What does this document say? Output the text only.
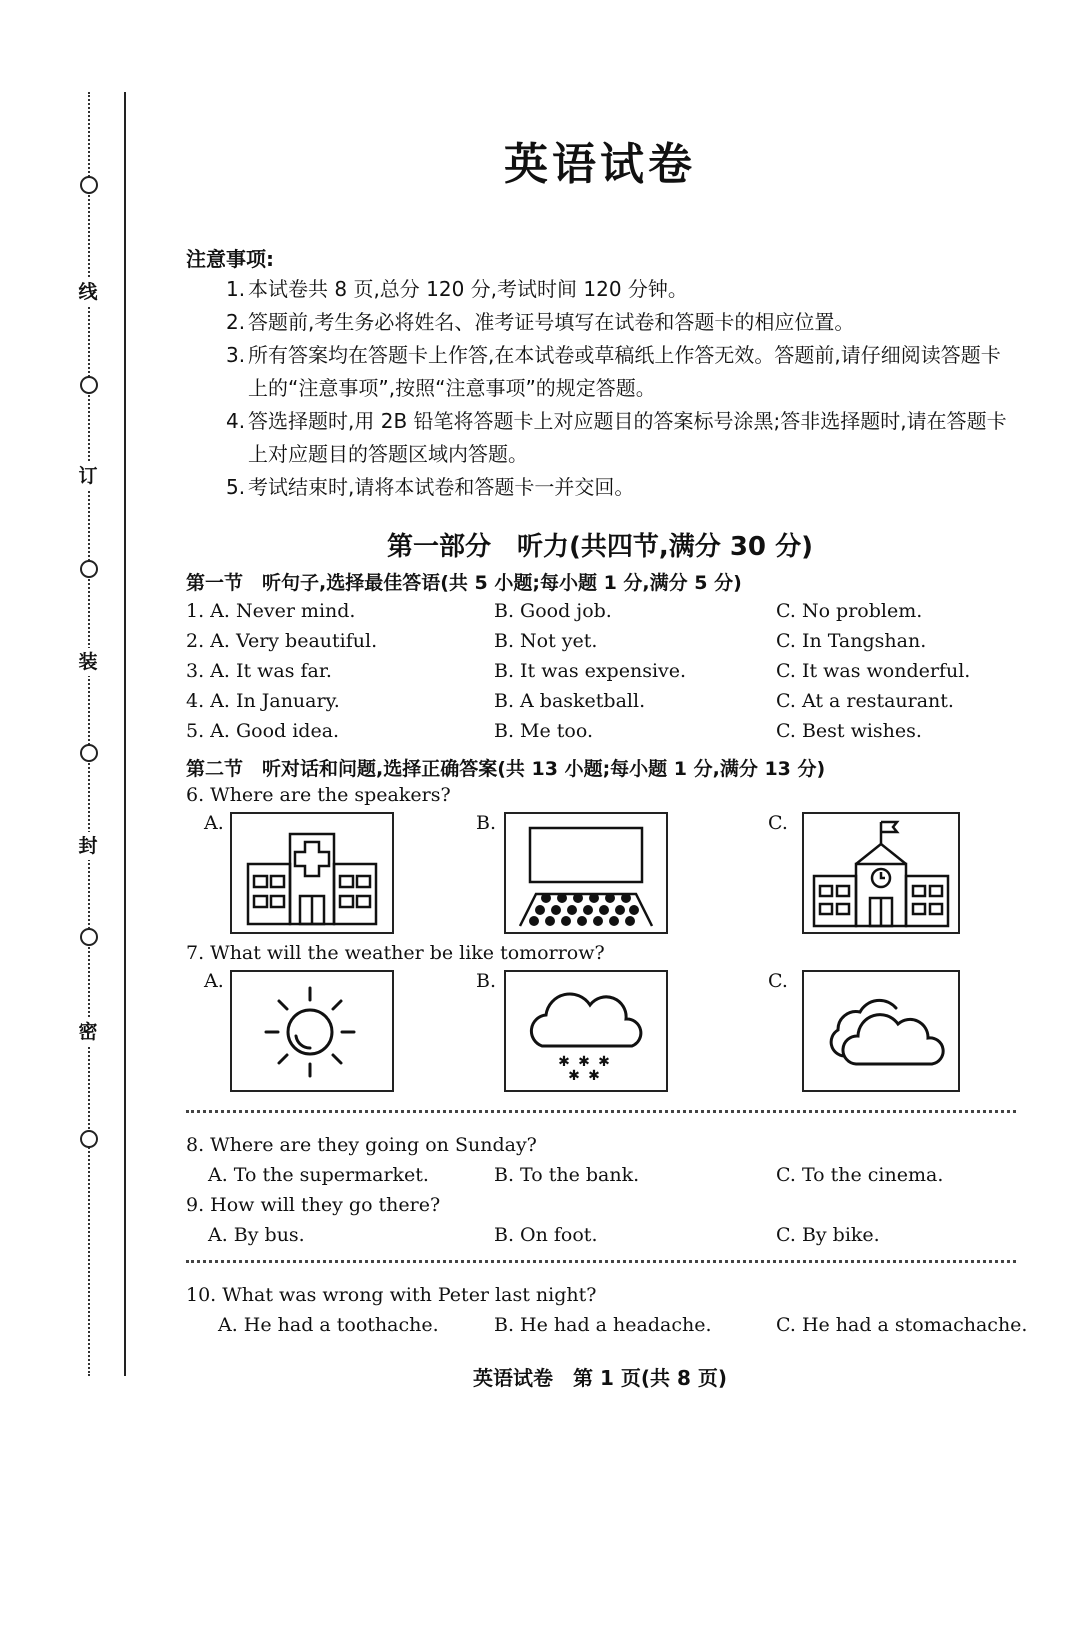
线
订
装
封
密
英语试卷
注意事项:
1. 本试卷共 8 页,总分 120 分,考试时间 120 分钟。
2. 答题前,考生务必将姓名、准考证号填写在试卷和答题卡的相应位置。
3. 所有答案均在答题卡上作答,在本试卷或草稿纸上作答无效。答题前,请仔细阅读答题卡上的“注意事项”,按照“注意事项”的规定答题。
4. 答选择题时,用 2B 铅笔将答题卡上对应题目的答案标号涂黑;答非选择题时,请在答题卡上对应题目的答题区域内答题。
5. 考试结束时,请将本试卷和答题卡一并交回。
第一部分　听力(共四节,满分 30 分)
第一节　听句子,选择最佳答语(共 5 小题;每小题 1 分,满分 5 分)
1. A. Never mind.	B. Good job.	C. No problem.
2. A. Very beautiful.	B. Not yet.	C. In Tangshan.
3. A. It was far.	B. It was expensive.	C. It was wonderful.
4. A. In January.	B. A basketball.	C. At a restaurant.
5. A. Good idea.	B. Me too.	C. Best wishes.
第二节　听对话和问题,选择正确答案(共 13 小题;每小题 1 分,满分 13 分)
6. Where are the speakers?
A.	B.	C.
7. What will the weather be like tomorrow?
A.	B.
✱ ✱ ✱
✱ ✱
C.
8. Where are they going on Sunday?
A. To the supermarket.	B. To the bank.	C. To the cinema.
9. How will they go there?
A. By bus.	B. On foot.	C. By bike.
10. What was wrong with Peter last night?
A. He had a toothache.	B. He had a headache.	C. He had a stomachache.
英语试卷　第 1 页(共 8 页)
